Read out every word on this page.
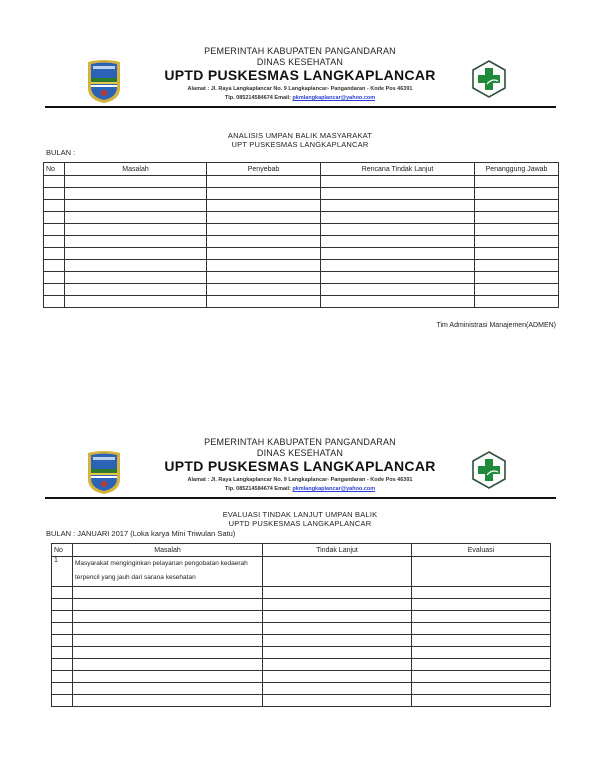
PEMERINTAH KABUPATEN PANGANDARAN
DINAS KESEHATAN
UPTD PUSKESMAS LANGKAPLANCAR
Alamat : Jl. Raya Langkaplancar No. 9 Langkaplancar- Pangandaran - Kode Pos 46391
Tlp. 085214584674 Email: pkmlangkaplancar@yahoo.com
ANALISIS UMPAN BALIK MASYARAKAT
UPT PUSKESMAS LANGKAPLANCAR
BULAN :
No	Masalah	Penyebab	Rencana Tindak Lanjut	Penanggung Jawab

Tim Administrasi Manajemen(ADMEN)
PEMERINTAH KABUPATEN PANGANDARAN
DINAS KESEHATAN
UPTD PUSKESMAS LANGKAPLANCAR
Alamat : Jl. Raya Langkaplancar No. 9 Langkaplancar- Pangandaran - Kode Pos 46391
Tlp. 085214584674 Email: pkmlangkaplancar@yahoo.com
EVALUASI TINDAK LANJUT UMPAN BALIK
UPTD PUSKESMAS LANGKAPLANCAR
BULAN : JANUARI 2017 (Loka karya Mini Triwulan Satu)
No	Masalah	Tindak Lanjut	Evaluasi
1	Masyarakat menginginkan pelayanan pengobatan kedaerah terpencil yang jauh dari sarana kesehatan		
